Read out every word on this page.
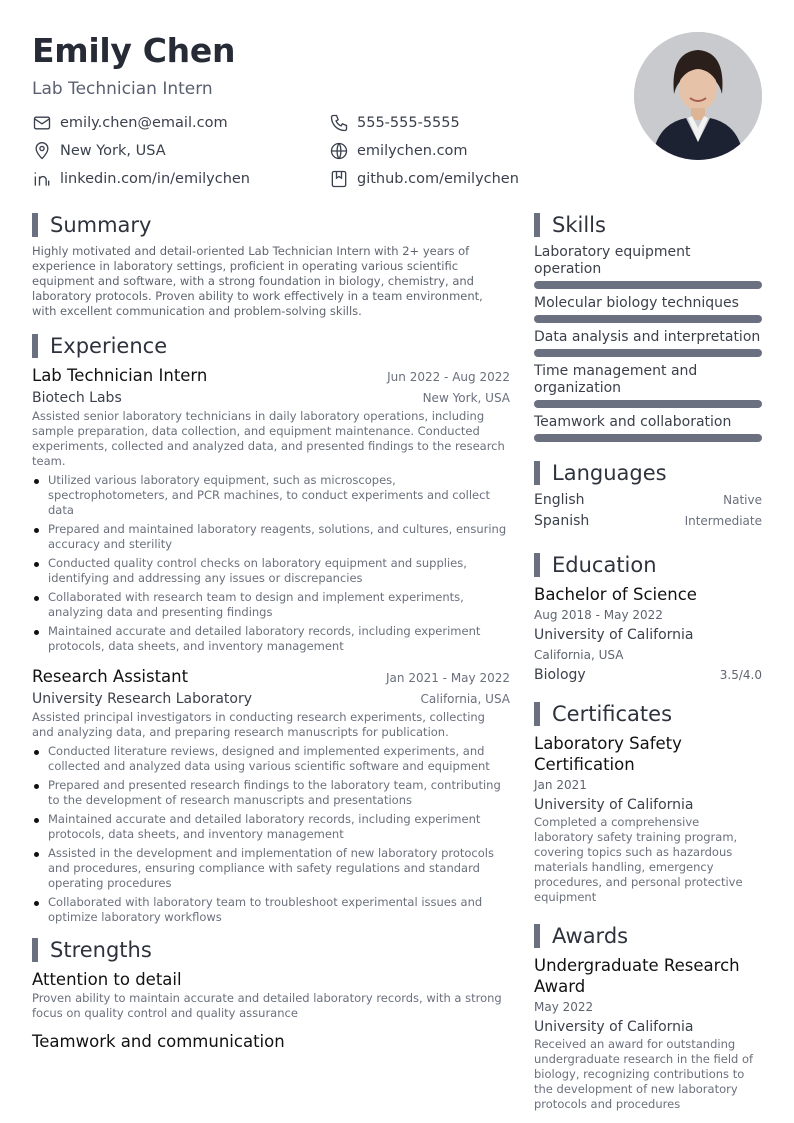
Emily Chen
Lab Technician Intern
emily.chen@email.com	555-555-5555
New York, USA	emilychen.com
linkedin.com/in/emilychen	github.com/emilychen
Summary

Highly motivated and detail-oriented Lab Technician Intern with 2+ years of experience in laboratory settings, proficient in operating various scientific equipment and software, with a strong foundation in biology, chemistry, and laboratory protocols. Proven ability to work effectively in a team environment, with excellent communication and problem-solving skills.

Experience
Lab Technician Intern	Jun 2022 - Aug 2022
Biotech Labs	New York, USA

Assisted senior laboratory technicians in daily laboratory operations, including sample preparation, data collection, and equipment maintenance. Conducted experiments, collected and analyzed data, and presented findings to the research team.

Utilized various laboratory equipment, such as microscopes, spectrophotometers, and PCR machines, to conduct experiments and collect data
Prepared and maintained laboratory reagents, solutions, and cultures, ensuring accuracy and sterility
Conducted quality control checks on laboratory equipment and supplies, identifying and addressing any issues or discrepancies
Collaborated with research team to design and implement experiments, analyzing data and presenting findings
Maintained accurate and detailed laboratory records, including experiment protocols, data sheets, and inventory management
Research Assistant	Jan 2021 - May 2022
University Research Laboratory	California, USA

Assisted principal investigators in conducting research experiments, collecting and analyzing data, and preparing research manuscripts for publication.

Conducted literature reviews, designed and implemented experiments, and collected and analyzed data using various scientific software and equipment
Prepared and presented research findings to the laboratory team, contributing to the development of research manuscripts and presentations
Maintained accurate and detailed laboratory records, including experiment protocols, data sheets, and inventory management
Assisted in the development and implementation of new laboratory protocols and procedures, ensuring compliance with safety regulations and standard operating procedures
Collaborated with laboratory team to troubleshoot experimental issues and optimize laboratory workflows
Strengths
Attention to detail

Proven ability to maintain accurate and detailed laboratory records, with a strong focus on quality control and quality assurance

Teamwork and communication
Skills
Laboratory equipment operation
Molecular biology techniques
Data analysis and interpretation
Time management and organization
Teamwork and collaboration
Languages
English	Native
Spanish	Intermediate
Education
Bachelor of Science
Aug 2018 - May 2022
University of California
California, USA
Biology	3.5/4.0
Certificates
Laboratory Safety Certification
Jan 2021
University of California

Completed a comprehensive laboratory safety training program, covering topics such as hazardous materials handling, emergency procedures, and personal protective equipment

Awards
Undergraduate Research Award
May 2022
University of California

Received an award for outstanding undergraduate research in the field of biology, recognizing contributions to the development of new laboratory protocols and procedures
